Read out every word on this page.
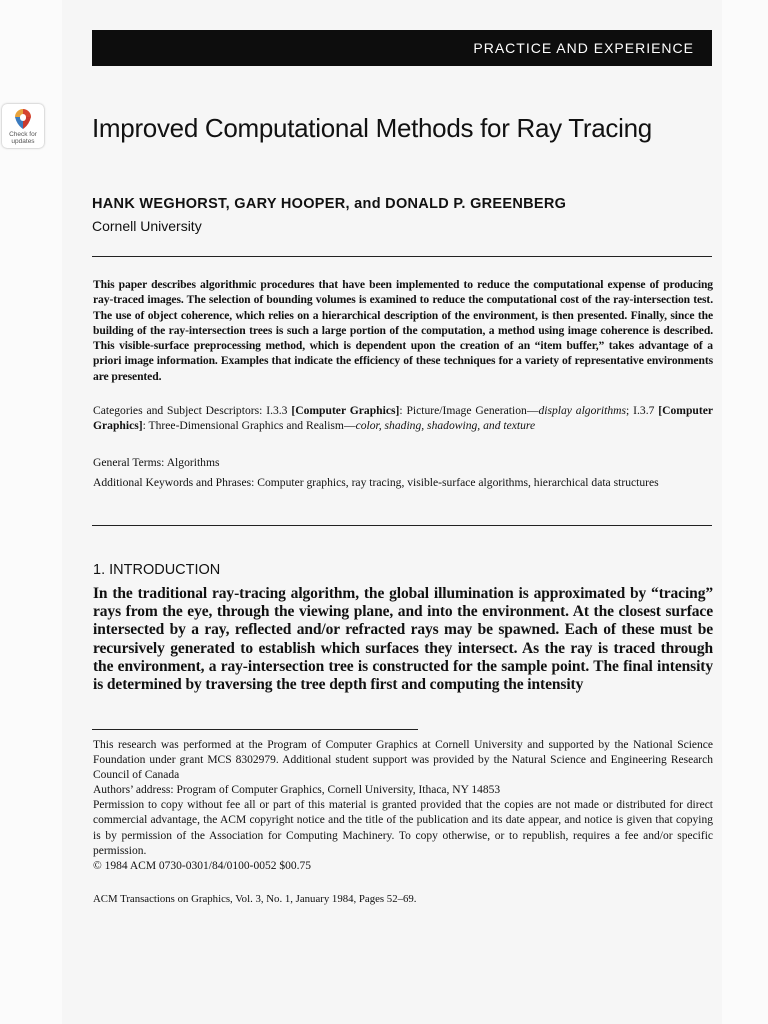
PRACTICE AND EXPERIENCE
Check for
updates	Improved Computational Methods for Ray Tracing
HANK WEGHORST, GARY HOOPER, and DONALD P. GREENBERG
Cornell University
This paper describes algorithmic procedures that have been implemented to reduce the computational expense of producing ray-traced images. The selection of bounding volumes is examined to reduce the computational cost of the ray-intersection test. The use of object coherence, which relies on a hierarchical description of the environment, is then presented. Finally, since the building of the ray-intersection trees is such a large portion of the computation, a method using image coherence is described. This visible-surface preprocessing method, which is dependent upon the creation of an “item buffer,” takes advantage of a priori image information. Examples that indicate the efficiency of these techniques for a variety of representative environments are presented.
Categories and Subject Descriptors: I.3.3 [Computer Graphics]: Picture/Image Generation—display algorithms; I.3.7 [Computer Graphics]: Three-Dimensional Graphics and Realism—color, shading, shadowing, and texture
General Terms: Algorithms
Additional Keywords and Phrases: Computer graphics, ray tracing, visible-surface algorithms, hierarchical data structures
1. INTRODUCTION
In the traditional ray-tracing algorithm, the global illumination is approximated by “tracing” rays from the eye, through the viewing plane, and into the environment. At the closest surface intersected by a ray, reflected and/or refracted rays may be spawned. Each of these must be recursively generated to establish which surfaces they intersect. As the ray is traced through the environment, a ray-intersection tree is constructed for the sample point. The final intensity is determined by traversing the tree depth first and computing the intensity

This research was performed at the Program of Computer Graphics at Cornell University and supported by the National Science Foundation under grant MCS 8302979. Additional student support was provided by the Natural Science and Engineering Research Council of Canada

Authors’ address: Program of Computer Graphics, Cornell University, Ithaca, NY 14853

Permission to copy without fee all or part of this material is granted provided that the copies are not made or distributed for direct commercial advantage, the ACM copyright notice and the title of the publication and its date appear, and notice is given that copying is by permission of the Association for Computing Machinery. To copy otherwise, or to republish, requires a fee and/or specific permission.

© 1984 ACM 0730-0301/84/0100-0052 $00.75

ACM Transactions on Graphics, Vol. 3, No. 1, January 1984, Pages 52–69.
